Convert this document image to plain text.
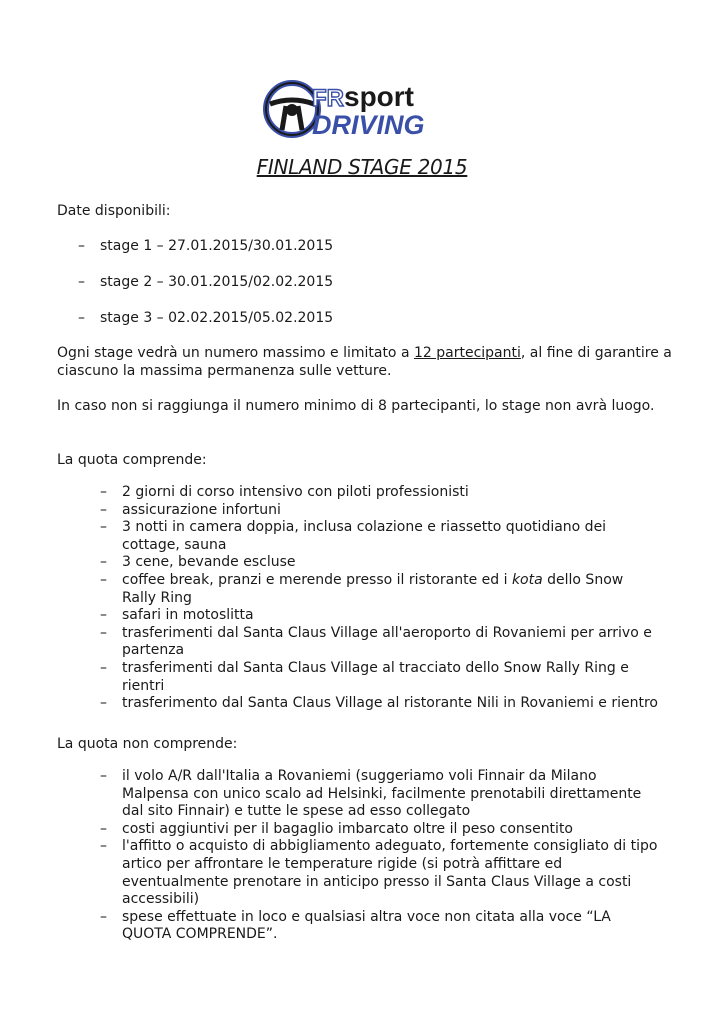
FR sport
DRIVING
FINLAND STAGE 2015
Date disponibili:
– stage 1 – 27.01.2015/30.01.2015
– stage 2 – 30.01.2015/02.02.2015
– stage 3 – 02.02.2015/05.02.2015
Ogni stage vedrà un numero massimo e limitato a 12 partecipanti, al fine di garantire a ciascuno la massima permanenza sulle vetture.
In caso non si raggiunga il numero minimo di 8 partecipanti, lo stage non avrà luogo.
La quota comprende:
– 2 giorni di corso intensivo con piloti professionisti
– assicurazione infortuni
– 3 notti in camera doppia, inclusa colazione e riassetto quotidiano dei cottage, sauna
– 3 cene, bevande escluse
– coffee break, pranzi e merende presso il ristorante ed i kota dello Snow Rally Ring
– safari in motoslitta
– trasferimenti dal Santa Claus Village all'aeroporto di Rovaniemi per arrivo e partenza
– trasferimenti dal Santa Claus Village al tracciato dello Snow Rally Ring e rientri
– trasferimento dal Santa Claus Village al ristorante Nili in Rovaniemi e rientro
La quota non comprende:
– il volo A/R dall'Italia a Rovaniemi (suggeriamo voli Finnair da Milano Malpensa con unico scalo ad Helsinki, facilmente prenotabili direttamente dal sito Finnair) e tutte le spese ad esso collegato
– costi aggiuntivi per il bagaglio imbarcato oltre il peso consentito
– l'affitto o acquisto di abbigliamento adeguato, fortemente consigliato di tipo artico per affrontare le temperature rigide (si potrà affittare ed eventualmente prenotare in anticipo presso il Santa Claus Village a costi accessibili)
– spese effettuate in loco e qualsiasi altra voce non citata alla voce “LA QUOTA COMPRENDE”.
